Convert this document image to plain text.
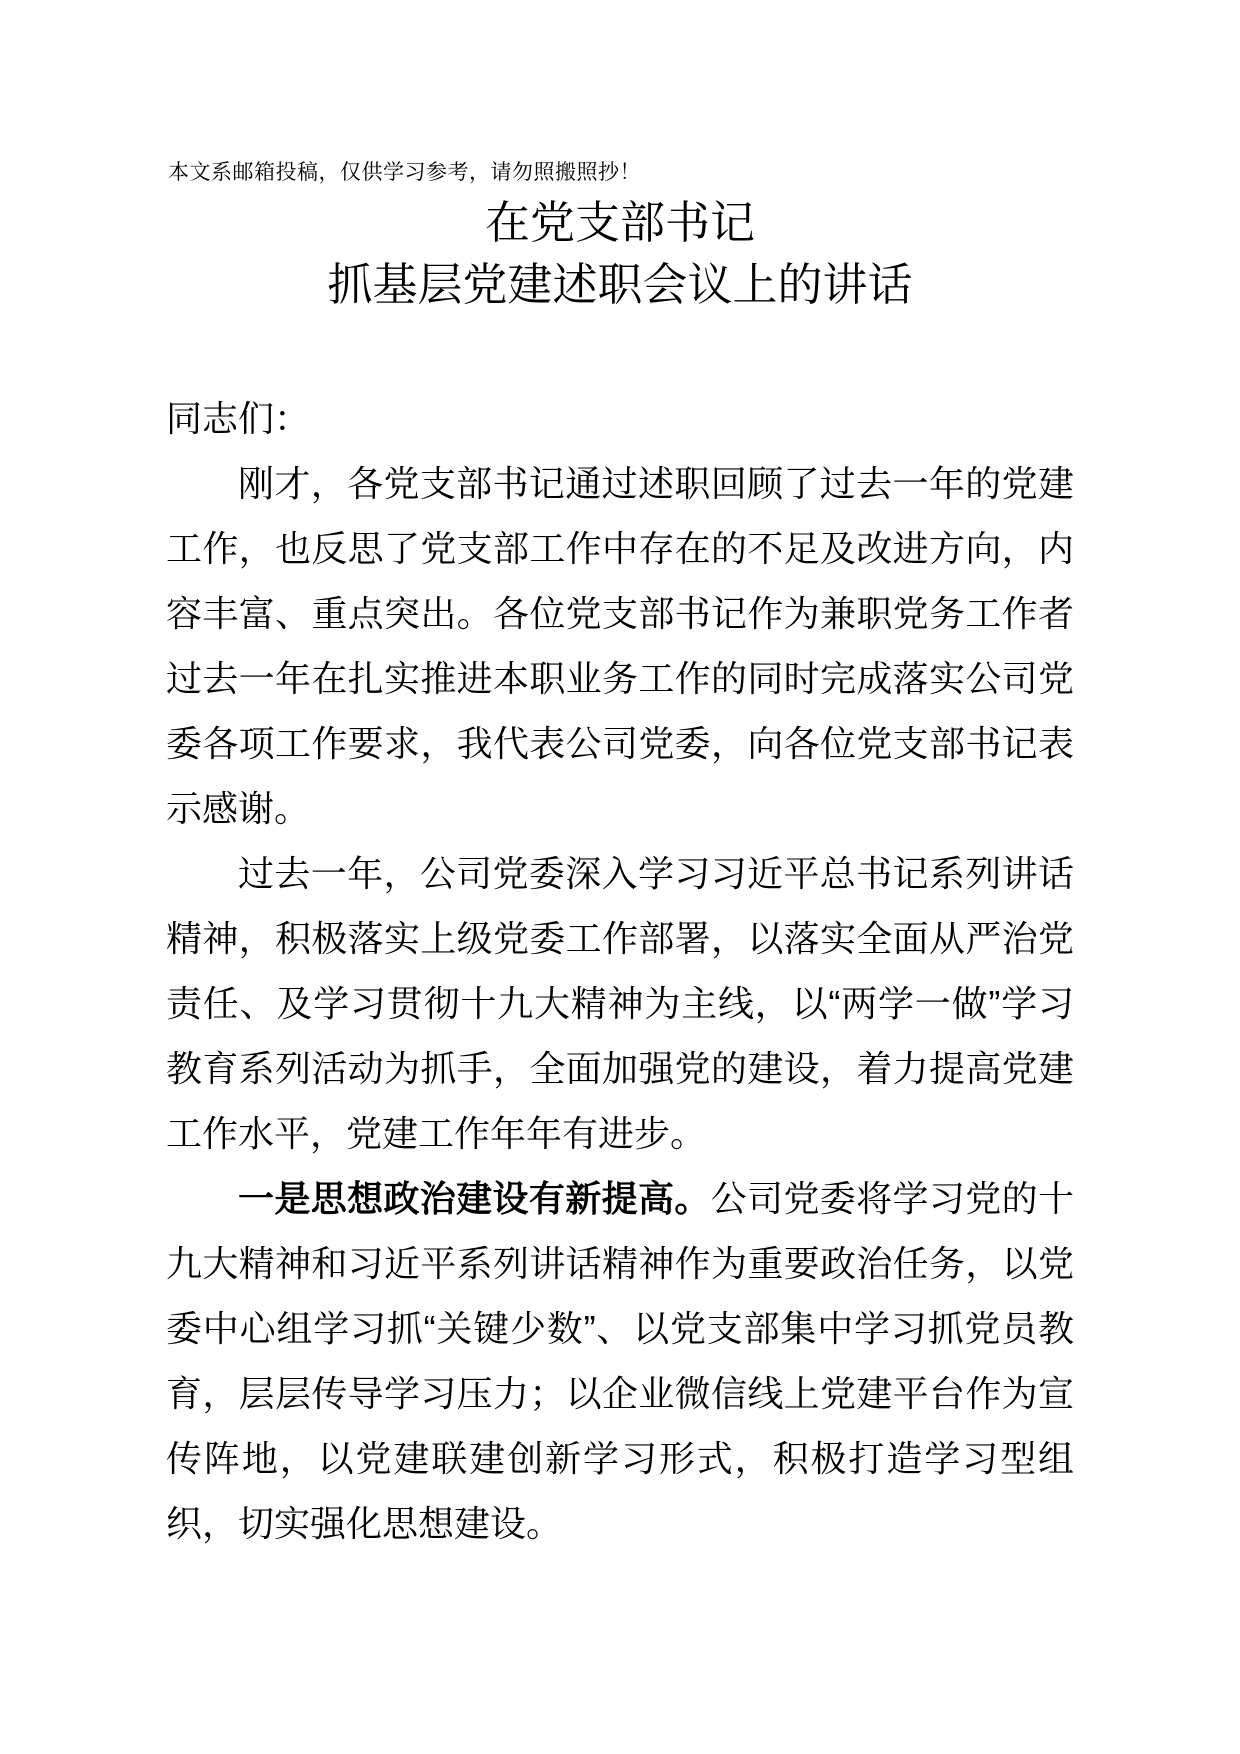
本文系邮箱投稿，仅供学习参考，请勿照搬照抄！
在党支部书记
抓基层党建述职会议上的讲话

同志们：

刚才，各党支部书记通过述职回顾了过去一年的党建工作，也反思了党支部工作中存在的不足及改进方向，内容丰富、重点突出。各位党支部书记作为兼职党务工作者过去一年在扎实推进本职业务工作的同时完成落实公司党委各项工作要求，我代表公司党委，向各位党支部书记表示感谢。

过去一年，公司党委深入学习习近平总书记系列讲话精神，积极落实上级党委工作部署，以落实全面从严治党责任、及学习贯彻十九大精神为主线，以“两学一做”学习教育系列活动为抓手，全面加强党的建设，着力提高党建工作水平，党建工作年年有进步。

一是思想政治建设有新提高。公司党委将学习党的十九大精神和习近平系列讲话精神作为重要政治任务，以党委中心组学习抓“关键少数”、以党支部集中学习抓党员教育，层层传导学习压力；以企业微信线上党建平台作为宣传阵地，以党建联建创新学习形式，积极打造学习型组织，切实强化思想建设。
